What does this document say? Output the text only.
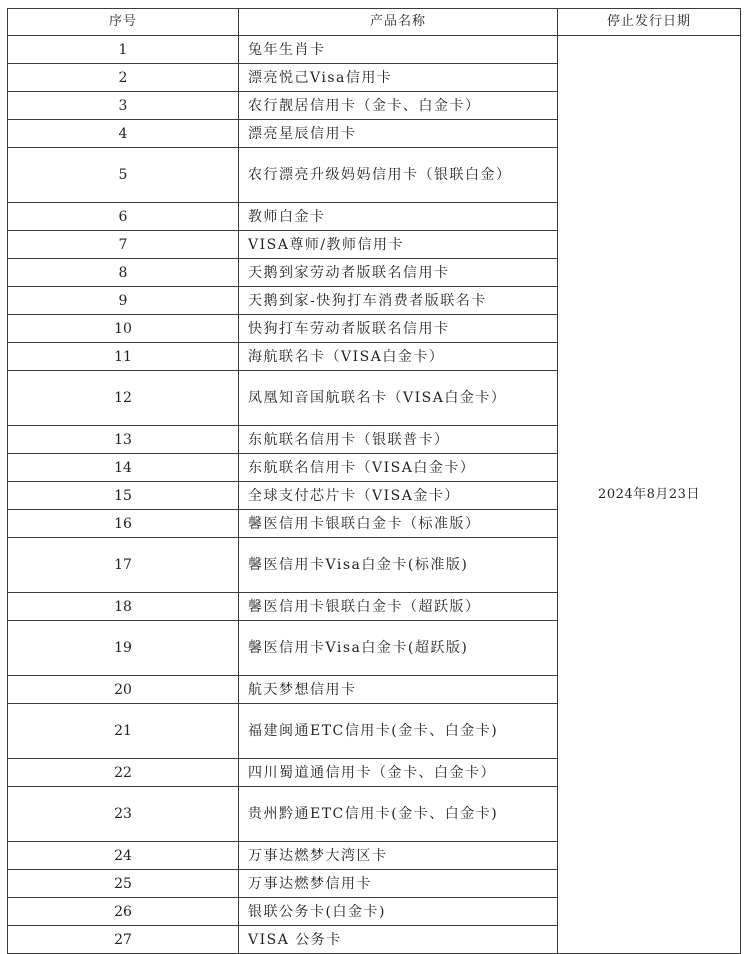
序号	产品名称	停止发行日期
1	兔年生肖卡	2024年8月23日
2	漂亮悦己Visa信用卡	
3	农行靓居信用卡（金卡、白金卡）	
4	漂亮星辰信用卡	
5	农行漂亮升级妈妈信用卡（银联白金）	
6	教师白金卡	
7	VISA尊师/教师信用卡	
8	天鹅到家劳动者版联名信用卡	
9	天鹅到家-快狗打车消费者版联名卡	
10	快狗打车劳动者版联名信用卡	
11	海航联名卡（VISA白金卡）	
12	凤凰知音国航联名卡（VISA白金卡）	
13	东航联名信用卡（银联普卡）	
14	东航联名信用卡（VISA白金卡）	
15	全球支付芯片卡（VISA金卡）	
16	馨医信用卡银联白金卡（标准版）	
17	馨医信用卡Visa白金卡(标准版)	
18	馨医信用卡银联白金卡（超跃版）	
19	馨医信用卡Visa白金卡(超跃版)	
20	航天梦想信用卡	
21	福建闽通ETC信用卡(金卡、白金卡)	
22	四川蜀道通信用卡（金卡、白金卡）	
23	贵州黔通ETC信用卡(金卡、白金卡)	
24	万事达燃梦大湾区卡	
25	万事达燃梦信用卡	
26	银联公务卡(白金卡)	
27	VISA 公务卡	
